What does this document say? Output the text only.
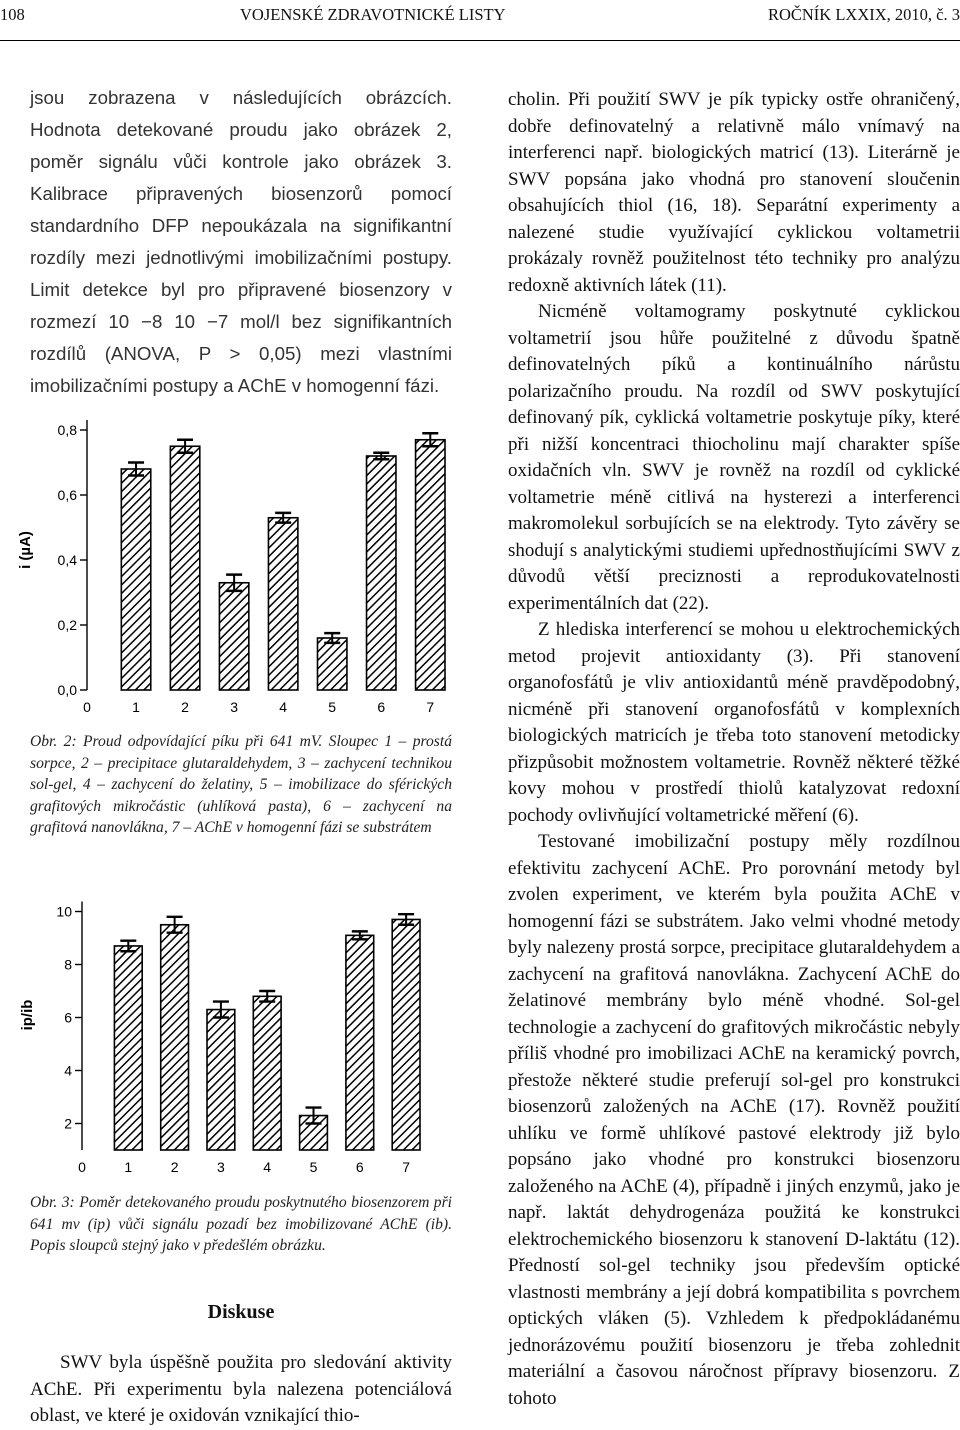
108	VOJENSKÉ ZDRAVOTNICKÉ LISTY	ROČNÍK LXXIX, 2010, č. 3

jsou zobrazena v následujících obrázcích. Hodnota detekované proudu jako obrázek 2, poměr signálu vůči kontrole jako obrázek 3. Kalibrace připravených biosenzorů pomocí standardního DFP nepoukázala na signifikantní rozdíly mezi jednotlivými imobilizačními postupy. Limit detekce byl pro připravené biosenzory v rozmezí 10 −8 10 −7 mol/l bez signifikantních rozdílů (ANOVA, P > 0,05) mezi vlastními imobilizačními postupy a AChE v homogenní fázi.

0,0
0,2
0,4
0,6
0,8
0	1	2	3	4	5	6	7
i (µA)
Obr. 2: Proud odpovídající píku při 641 mV. Sloupec 1 – prostá sorpce, 2 – precipitace glutaraldehydem, 3 – zachycení technikou sol-gel, 4 – zachycení do želatiny, 5 – imobilizace do sférických grafitových mikročástic (uhlíková pasta), 6 – zachycení na grafitová nanovlákna, 7 – AChE v homogenní fázi se substrátem
2
4
6
8
10
0	1	2	3	4	5	6	7
ip/ib
Obr. 3: Poměr detekovaného proudu poskytnutého biosenzorem při 641 mv (ip) vůči signálu pozadí bez imobilizované AChE (ib). Popis sloupců stejný jako v předešlém obrázku.
Diskuse

SWV byla úspěšně použita pro sledování aktivity AChE. Při experimentu byla nalezena potenciálová oblast, ve které je oxidován vznikající thio-

cholin. Při použití SWV je pík typicky ostře ohraničený, dobře definovatelný a relativně málo vnímavý na interferenci např. biologických matricí (13). Literárně je SWV popsána jako vhodná pro stanovení sloučenin obsahujících thiol (16, 18). Separátní experimenty a nalezené studie využívající cyklickou voltametrii prokázaly rovněž použitelnost této techniky pro analýzu redoxně aktivních látek (11).

Nicméně voltamogramy poskytnuté cyklickou voltametrií jsou hůře použitelné z důvodu špatně definovatelných píků a kontinuálního nárůstu polarizačního proudu. Na rozdíl od SWV poskytující definovaný pík, cyklická voltametrie poskytuje píky, které při nižší koncentraci thiocholinu mají charakter spíše oxidačních vln. SWV je rovněž na rozdíl od cyklické voltametrie méně citlivá na hysterezi a interferenci makromolekul sorbujících se na elektrody. Tyto závěry se shodují s analytickými studiemi upřednostňujícími SWV z důvodů větší preciznosti a reprodukovatelnosti experimentálních dat (22).

Z hlediska interferencí se mohou u elektrochemických metod projevit antioxidanty (3). Při stanovení organofosfátů je vliv antioxidantů méně pravděpodobný, nicméně při stanovení organofosfátů v komplexních biologických matricích je třeba toto stanovení metodicky přizpůsobit možnostem voltametrie. Rovněž některé těžké kovy mohou v prostředí thiolů katalyzovat redoxní pochody ovlivňující voltametrické měření (6).

Testované imobilizační postupy měly rozdílnou efektivitu zachycení AChE. Pro porovnání metody byl zvolen experiment, ve kterém byla použita AChE v homogenní fázi se substrátem. Jako velmi vhodné metody byly nalezeny prostá sorpce, precipitace glutaraldehydem a zachycení na grafitová nanovlákna. Zachycení AChE do želatinové membrány bylo méně vhodné. Sol-gel technologie a zachycení do grafitových mikročástic nebyly příliš vhodné pro imobilizaci AChE na keramický povrch, přestože některé studie preferují sol-gel pro konstrukci biosenzorů založených na AChE (17). Rovněž použití uhlíku ve formě uhlíkové pastové elektrody již bylo popsáno jako vhodné pro konstrukci biosenzoru založeného na AChE (4), případně i jiných enzymů, jako je např. laktát dehydrogenáza použitá ke konstrukci elektrochemického biosenzoru k stanovení D-laktátu (12). Předností sol-gel techniky jsou především optické vlastnosti membrány a její dobrá kompatibilita s povrchem optických vláken (5). Vzhledem k předpokládanému jednorázovému použití biosenzoru je třeba zohlednit materiální a časovou náročnost přípravy biosenzoru. Z tohoto
